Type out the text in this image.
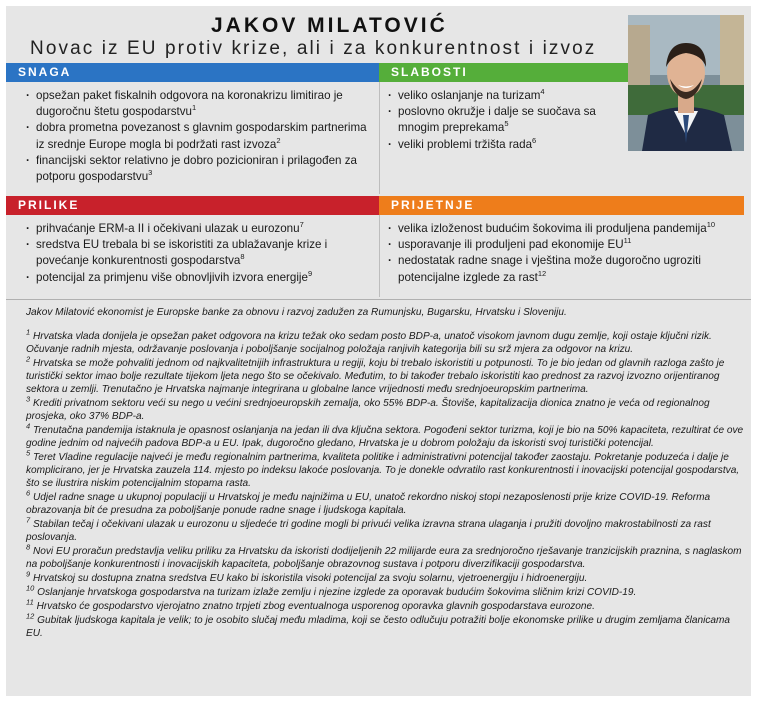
JAKOV MILATOVIĆ
Novac iz EU protiv krize, ali i za konkurentnost i izvoz
SNAGA	SLABOSTI
· opsežan paket fiskalnih odgovora na koronakrizu limitirao je dugoročnu štetu gospodarstvu$^1$
· dobra prometna povezanost s glavnim gospodarskim partnerima iz srednje Europe mogla bi podržati rast izvoza$^2$
· financijski sektor relativno je dobro pozicioniran i prilagođen za potporu gospodarstvu$^3$
· veliko oslanjanje na turizam$^4$
· poslovno okružje i dalje se suočava sa mnogim preprekama$^5$
· veliki problemi tržišta rada$^6$
PRILIKE	PRIJETNJE
· prihvaćanje ERM-a II i očekivani ulazak u eurozonu$^7$
· sredstva EU trebala bi se iskoristiti za ublažavanje krize i povećanje konkurentnosti gospodarstva$^8$
· potencijal za primjenu više obnovljivih izvora energije$^9$
· velika izloženost budućim šokovima ili produljena pandemija$^{10}$
· usporavanje ili produljeni pad ekonomije $EU^{11}$
· nedostatak radne snage i vještina može dugoročno ugroziti potencijalne izglede za rast$^{12}$
Jakov Milatović ekonomist je Europske banke za obnovu i razvoj zadužen za Rumunjsku, Bugarsku, Hrvatsku i Sloveniju.

$^1$ Hrvatska vlada donijela je opsežan paket odgovora na krizu težak oko sedam posto BDP-a, unatoč visokom javnom dugu zemlje, koji ostaje ključni rizik. Očuvanje radnih mjesta, održavanje poslovanja i poboljšanje socijalnog položaja ranjivih kategorija bili su srž mjera za odgovor na krizu.

$^2$ Hrvatska se može pohvaliti jednom od najkvalitetnijih infrastruktura u regiji, koju bi trebalo iskoristiti u potpunosti. To je bio jedan od glavnih razloga zašto je turistički sektor imao bolje rezultate tijekom ljeta nego što se očekivalo. Međutim, to bi također trebalo iskoristiti kao prednost za razvoj izvozno orijentiranog sektora u zemlji. Trenutačno je Hrvatska najmanje integrirana u globalne lance vrijednosti među srednjoeuropskim partnerima.

$^3$ Krediti privatnom sektoru veći su nego u većini srednjoeuropskih zemalja, oko 55% BDP-a. Štoviše, kapitalizacija dionica znatno je veća od regionalnog prosjeka, oko 37% BDP-a.

$^4$ Trenutačna pandemija istaknula je opasnost oslanjanja na jedan ili dva ključna sektora. Pogođeni sektor turizma, koji je bio na 50% kapaciteta, rezultirat će ove godine jednim od najvećih padova BDP-a u EU. Ipak, dugoročno gledano, Hrvatska je u dobrom položaju da iskoristi svoj turistički potencijal.

$^5$ Teret Vladine regulacije najveći je među regionalnim partnerima, kvaliteta politike i administrativni potencijal također zaostaju. Pokretanje poduzeća i dalje je komplicirano, jer je Hrvatska zauzela 114. mjesto po indeksu lakoće poslovanja. To je donekle odvratilo rast konkurentnosti i inovacijski potencijal gospodarstva, što se ilustrira niskim potencijalnim stopama rasta.

$^6$ Udjel radne snage u ukupnoj populaciji u Hrvatskoj je među najnižima u EU, unatoč rekordno niskoj stopi nezaposlenosti prije krize COVID-19. Reforma obrazovanja bit će presudna za poboljšanje ponude radne snage i ljudskoga kapitala.

$^7$ Stabilan tečaj i očekivani ulazak u eurozonu u sljedeće tri godine mogli bi privući velika izravna strana ulaganja i pružiti dovoljno makrostabilnosti za rast poslovanja.

$^8$ Novi EU proračun predstavlja veliku priliku za Hrvatsku da iskoristi dodijeljenih 22 milijarde eura za srednjoročno rješavanje tranzicijskih praznina, s naglaskom na poboljšanje konkurentnosti i inovacijskih kapaciteta, poboljšanje obrazovnog sustava i potporu diverzifikaciji gospodarstva.

$^9$ Hrvatskoj su dostupna znatna sredstva EU kako bi iskoristila visoki potencijal za svoju solarnu, vjetroenergiju i hidroenergiju.

$^{10}$ Oslanjanje hrvatskoga gospodarstva na turizam izlaže zemlju i njezine izglede za oporavak budućim šokovima sličnim krizi COVID-19.

$^{11}$ Hrvatsko će gospodarstvo vjerojatno znatno trpjeti zbog eventualnoga usporenog oporavka glavnih gospodarstava eurozone.

$^{12}$ Gubitak ljudskoga kapitala je velik; to je osobito slučaj među mladima, koji se često odlučuju potražiti bolje ekonomske prilike u drugim zemljama članicama EU.
